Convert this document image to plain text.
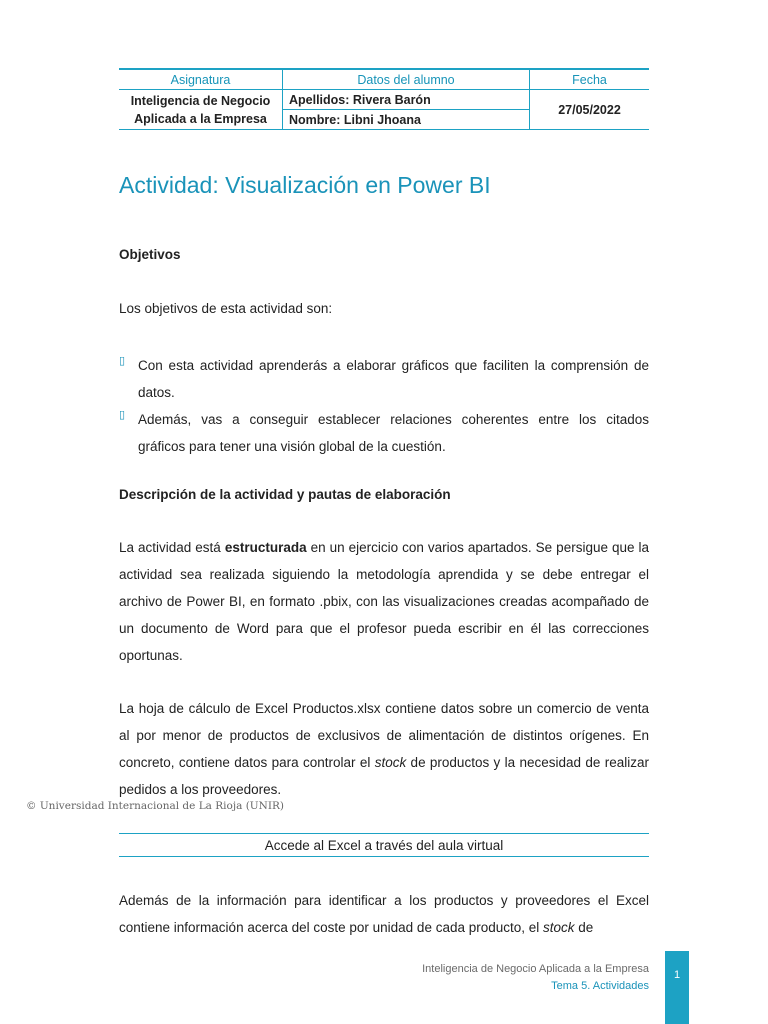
Asignatura	Datos del alumno	Fecha

Inteligencia de Negocio
Aplicada a la Empresa	Apellidos: Rivera Barón	27/05/2022
	Nombre: Libni Jhoana	
Actividad: Visualización en Power BI

Objetivos

Los objetivos de esta actividad son:

▯ Con esta actividad aprenderás a elaborar gráficos que faciliten la comprensión de
datos.

▯ Además, vas a conseguir establecer relaciones coherentes entre los citados
gráficos para tener una visión global de la cuestión.

Descripción de la actividad y pautas de elaboración

La actividad está estructurada en un ejercicio con varios apartados. Se persigue que la actividad sea realizada siguiendo la metodología aprendida y se debe entregar el archivo de Power BI, en formato .pbix, con las visualizaciones creadas acompañado de un documento de Word para que el profesor pueda escribir en él las correcciones oportunas.

La hoja de cálculo de Excel Productos.xlsx contiene datos sobre un comercio de venta al por menor de productos de exclusivos de alimentación de distintos orígenes. En concreto, contiene datos para controlar el stock de productos y la necesidad de realizar pedidos a los proveedores.

© Universidad Internacional de La Rioja (UNIR)
Accede al Excel a través del aula virtual

Además de la información para identificar a los productos y proveedores el Excel contiene información acerca del coste por unidad de cada producto, el stock de

Inteligencia de Negocio Aplicada a la Empresa
Tema 5. Actividades
1
